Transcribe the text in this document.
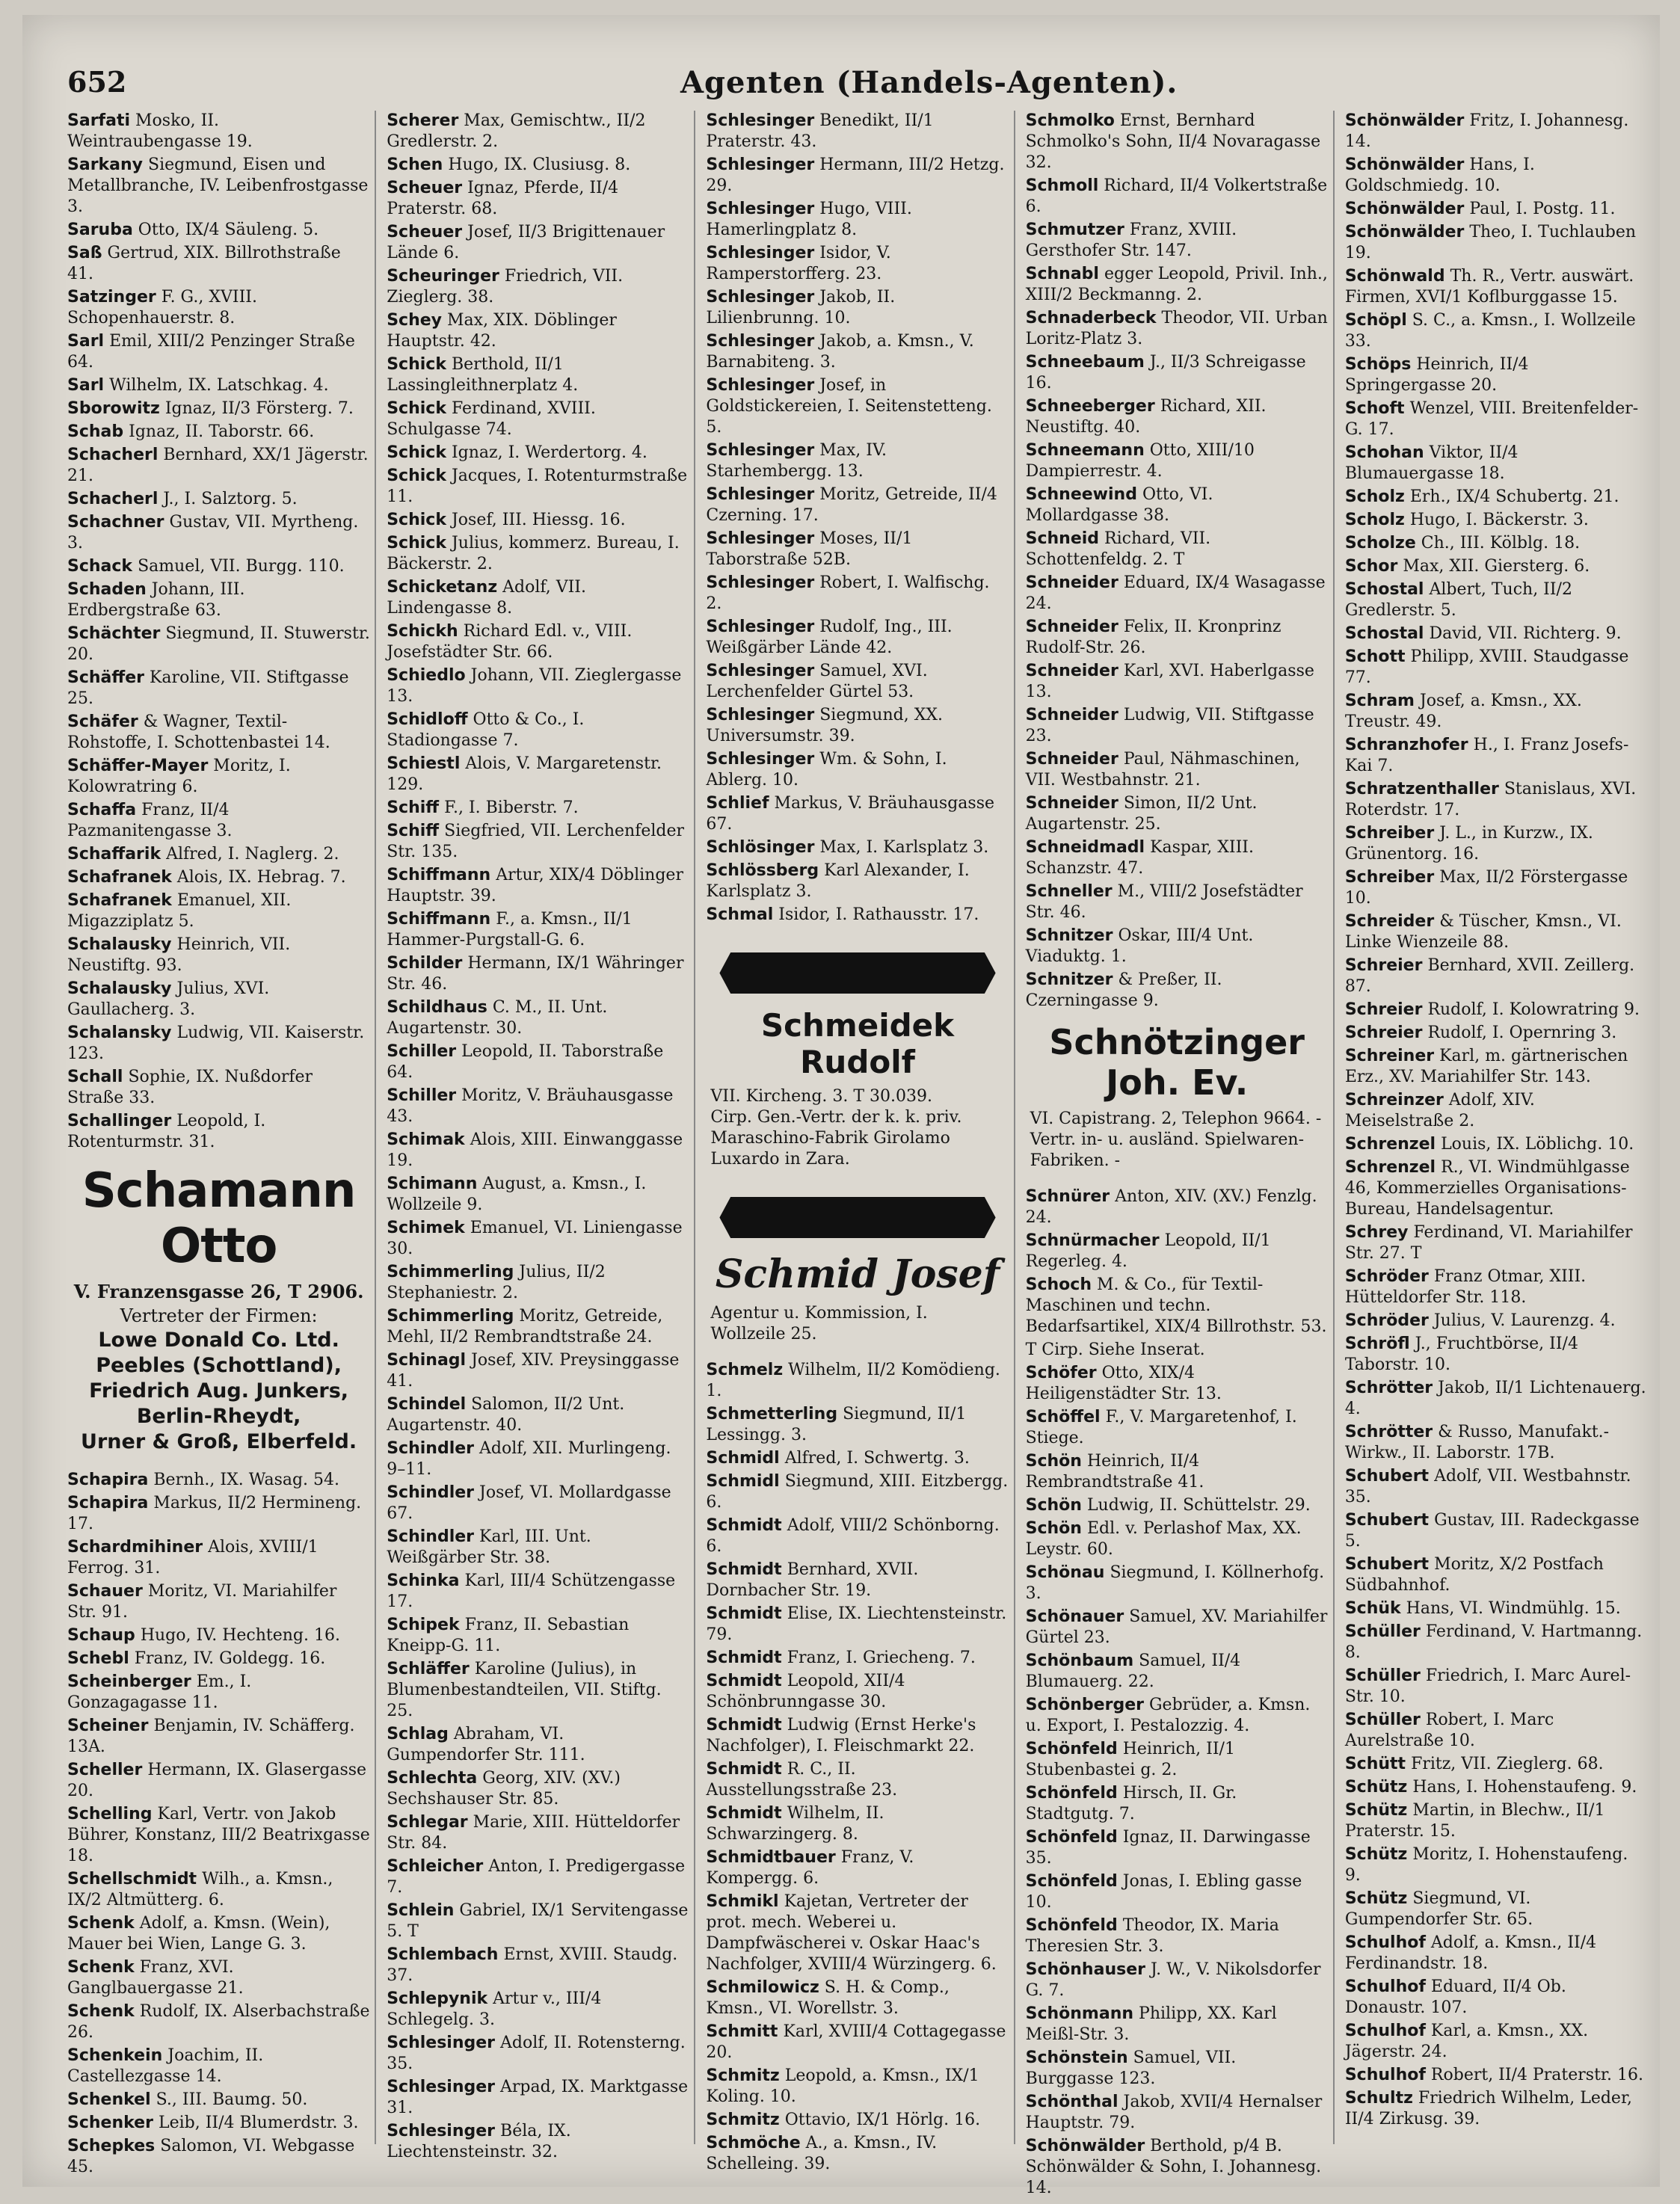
652	Agenten (Handels-Agenten).
Sarfati Mosko, II. Weintraubengasse 19.
Sarkany Siegmund, Eisen und Metallbranche, IV. Leibenfrostgasse 3.
Saruba Otto, IX/4 Säuleng. 5.
Saß Gertrud, XIX. Billrothstraße 41.
Satzinger F. G., XVIII. Schopenhauerstr. 8.
Sarl Emil, XIII/2 Penzinger Straße 64.
Sarl Wilhelm, IX. Latschkag. 4.
Sborowitz Ignaz, II/3 Försterg. 7.
Schab Ignaz, II. Taborstr. 66.
Schacherl Bernhard, XX/1 Jägerstr. 21.
Schacherl J., I. Salztorg. 5.
Schachner Gustav, VII. Myrtheng. 3.
Schack Samuel, VII. Burgg. 110.
Schaden Johann, III. Erdbergstraße 63.
Schächter Siegmund, II. Stuwerstr. 20.
Schäffer Karoline, VII. Stiftgasse 25.
Schäfer & Wagner, Textil-Rohstoffe, I. Schottenbastei 14.
Schäffer-Mayer Moritz, I. Kolowratring 6.
Schaffa Franz, II/4 Pazmanitengasse 3.
Schaffarik Alfred, I. Naglerg. 2.
Schafranek Alois, IX. Hebrag. 7.
Schafranek Emanuel, XII. Migazziplatz 5.
Schalausky Heinrich, VII. Neustiftg. 93.
Schalausky Julius, XVI. Gaullacherg. 3.
Schalansky Ludwig, VII. Kaiserstr. 123.
Schall Sophie, IX. Nußdorfer Straße 33.
Schallinger Leopold, I. Rotenturmstr. 31.
Schamann Otto
V. Franzensgasse 26, T 2906.
Vertreter der Firmen:
Lowe Donald Co. Ltd.
Peebles (Schottland),
Friedrich Aug. Junkers,
Berlin-Rheydt,
Urner & Groß, Elberfeld.
Schapira Bernh., IX. Wasag. 54.
Schapira Markus, II/2 Hermineng. 17.
Schardmihiner Alois, XVIII/1 Ferrog. 31.
Schauer Moritz, VI. Mariahilfer Str. 91.
Schaup Hugo, IV. Hechteng. 16.
Schebl Franz, IV. Goldegg. 16.
Scheinberger Em., I. Gonzagagasse 11.
Scheiner Benjamin, IV. Schäfferg. 13A.
Scheller Hermann, IX. Glasergasse 20.
Schelling Karl, Vertr. von Jakob Bührer, Konstanz, III/2 Beatrixgasse 18.
Schellschmidt Wilh., a. Kmsn., IX/2 Altmütterg. 6.
Schenk Adolf, a. Kmsn. (Wein), Mauer bei Wien, Lange G. 3.
Schenk Franz, XVI. Ganglbauergasse 21.
Schenk Rudolf, IX. Alserbachstraße 26.
Schenkein Joachim, II. Castellezgasse 14.
Schenkel S., III. Baumg. 50.
Schenker Leib, II/4 Blumerdstr. 3.
Schepkes Salomon, VI. Webgasse 45.
Scherer Max, Gemischtw., II/2 Gredlerstr. 2.
Schen Hugo, IX. Clusiusg. 8.
Scheuer Ignaz, Pferde, II/4 Praterstr. 68.
Scheuer Josef, II/3 Brigittenauer Lände 6.
Scheuringer Friedrich, VII. Zieglerg. 38.
Schey Max, XIX. Döblinger Hauptstr. 42.
Schick Berthold, II/1 Lassingleithnerplatz 4.
Schick Ferdinand, XVIII. Schulgasse 74.
Schick Ignaz, I. Werdertorg. 4.
Schick Jacques, I. Rotenturmstraße 11.
Schick Josef, III. Hiessg. 16.
Schick Julius, kommerz. Bureau, I. Bäckerstr. 2.
Schicketanz Adolf, VII. Lindengasse 8.
Schickh Richard Edl. v., VIII. Josefstädter Str. 66.
Schiedlo Johann, VII. Zieglergasse 13.
Schidloff Otto & Co., I. Stadiongasse 7.
Schiestl Alois, V. Margaretenstr. 129.
Schiff F., I. Biberstr. 7.
Schiff Siegfried, VII. Lerchenfelder Str. 135.
Schiffmann Artur, XIX/4 Döblinger Hauptstr. 39.
Schiffmann F., a. Kmsn., II/1 Hammer-Purgstall-G. 6.
Schilder Hermann, IX/1 Währinger Str. 46.
Schildhaus C. M., II. Unt. Augartenstr. 30.
Schiller Leopold, II. Taborstraße 64.
Schiller Moritz, V. Bräuhausgasse 43.
Schimak Alois, XIII. Einwanggasse 19.
Schimann August, a. Kmsn., I. Wollzeile 9.
Schimek Emanuel, VI. Liniengasse 30.
Schimmerling Julius, II/2 Stephaniestr. 2.
Schimmerling Moritz, Getreide, Mehl, II/2 Rembrandtstraße 24.
Schinagl Josef, XIV. Preysinggasse 41.
Schindel Salomon, II/2 Unt. Augartenstr. 40.
Schindler Adolf, XII. Murlingeng. 9–11.
Schindler Josef, VI. Mollardgasse 67.
Schindler Karl, III. Unt. Weißgärber Str. 38.
Schinka Karl, III/4 Schützengasse 17.
Schipek Franz, II. Sebastian Kneipp-G. 11.
Schläffer Karoline (Julius), in Blumenbestandteilen, VII. Stiftg. 25.
Schlag Abraham, VI. Gumpendorfer Str. 111.
Schlechta Georg, XIV. (XV.) Sechshauser Str. 85.
Schlegar Marie, XIII. Hütteldorfer Str. 84.
Schleicher Anton, I. Predigergasse 7.
Schlein Gabriel, IX/1 Servitengasse 5. T
Schlembach Ernst, XVIII. Staudg. 37.
Schlepynik Artur v., III/4 Schlegelg. 3.
Schlesinger Adolf, II. Rotensterng. 35.
Schlesinger Arpad, IX. Marktgasse 31.
Schlesinger Béla, IX. Liechtensteinstr. 32.
Schlesinger Benedikt, II/1 Praterstr. 43.
Schlesinger Hermann, III/2 Hetzg. 29.
Schlesinger Hugo, VIII. Hamerlingplatz 8.
Schlesinger Isidor, V. Ramperstorfferg. 23.
Schlesinger Jakob, II. Lilienbrunng. 10.
Schlesinger Jakob, a. Kmsn., V. Barnabiteng. 3.
Schlesinger Josef, in Goldstickereien, I. Seitenstetteng. 5.
Schlesinger Max, IV. Starhembergg. 13.
Schlesinger Moritz, Getreide, II/4 Czerning. 17.
Schlesinger Moses, II/1 Taborstraße 52B.
Schlesinger Robert, I. Walfischg. 2.
Schlesinger Rudolf, Ing., III. Weißgärber Lände 42.
Schlesinger Samuel, XVI. Lerchenfelder Gürtel 53.
Schlesinger Siegmund, XX. Universumstr. 39.
Schlesinger Wm. & Sohn, I. Ablerg. 10.
Schlief Markus, V. Bräuhausgasse 67.
Schlösinger Max, I. Karlsplatz 3.
Schlössberg Karl Alexander, I. Karlsplatz 3.
Schmal Isidor, I. Rathausstr. 17.
Schmeidek Rudolf
VII. Kircheng. 3. T 30.039.
Cirp. Gen.-Vertr. der k. k. priv. Maraschino-Fabrik Girolamo Luxardo in Zara.
Schmid Josef
Agentur u. Kommission, I. Wollzeile 25.
Schmelz Wilhelm, II/2 Komödieng. 1.
Schmetterling Siegmund, II/1 Lessingg. 3.
Schmidl Alfred, I. Schwertg. 3.
Schmidl Siegmund, XIII. Eitzbergg. 6.
Schmidt Adolf, VIII/2 Schönborng. 6.
Schmidt Bernhard, XVII. Dornbacher Str. 19.
Schmidt Elise, IX. Liechtensteinstr. 79.
Schmidt Franz, I. Griecheng. 7.
Schmidt Leopold, XII/4 Schönbrunngasse 30.
Schmidt Ludwig (Ernst Herke's Nachfolger), I. Fleischmarkt 22.
Schmidt R. C., II. Ausstellungsstraße 23.
Schmidt Wilhelm, II. Schwarzingerg. 8.
Schmidtbauer Franz, V. Kompergg. 6.
Schmikl Kajetan, Vertreter der prot. mech. Weberei u. Dampfwäscherei v. Oskar Haac's Nachfolger, XVIII/4 Würzingerg. 6.
Schmilowicz S. H. & Comp., Kmsn., VI. Worellstr. 3.
Schmitt Karl, XVIII/4 Cottagegasse 20.
Schmitz Leopold, a. Kmsn., IX/1 Koling. 10.
Schmitz Ottavio, IX/1 Hörlg. 16.
Schmöche A., a. Kmsn., IV. Schelleing. 39.
Schmolko Ernst, Bernhard Schmolko's Sohn, II/4 Novaragasse 32.
Schmoll Richard, II/4 Volkertstraße 6.
Schmutzer Franz, XVIII. Gersthofer Str. 147.
Schnabl egger Leopold, Privil. Inh., XIII/2 Beckmanng. 2.
Schnaderbeck Theodor, VII. Urban Loritz-Platz 3.
Schneebaum J., II/3 Schreigasse 16.
Schneeberger Richard, XII. Neustiftg. 40.
Schneemann Otto, XIII/10 Dampierrestr. 4.
Schneewind Otto, VI. Mollardgasse 38.
Schneid Richard, VII. Schottenfeldg. 2. T
Schneider Eduard, IX/4 Wasagasse 24.
Schneider Felix, II. Kronprinz Rudolf-Str. 26.
Schneider Karl, XVI. Haberlgasse 13.
Schneider Ludwig, VII. Stiftgasse 23.
Schneider Paul, Nähmaschinen, VII. Westbahnstr. 21.
Schneider Simon, II/2 Unt. Augartenstr. 25.
Schneidmadl Kaspar, XIII. Schanzstr. 47.
Schneller M., VIII/2 Josefstädter Str. 46.
Schnitzer Oskar, III/4 Unt. Viaduktg. 1.
Schnitzer & Preßer, II. Czerningasse 9.
Schnötzinger Joh. Ev.
VI. Capistrang. 2, Telephon 9664. - Vertr. in- u. ausländ. Spielwaren-Fabriken. -
Schnürer Anton, XIV. (XV.) Fenzlg. 24.
Schnürmacher Leopold, II/1 Regerleg. 4.
Schoch M. & Co., für Textil-Maschinen und techn. Bedarfsartikel, XIX/4 Billrothstr. 53.
T Cirp. Siehe Inserat.
Schöfer Otto, XIX/4 Heiligenstädter Str. 13.
Schöffel F., V. Margaretenhof, I. Stiege.
Schön Heinrich, II/4 Rembrandtstraße 41.
Schön Ludwig, II. Schüttelstr. 29.
Schön Edl. v. Perlashof Max, XX. Leystr. 60.
Schönau Siegmund, I. Köllnerhofg. 3.
Schönauer Samuel, XV. Mariahilfer Gürtel 23.
Schönbaum Samuel, II/4 Blumauerg. 22.
Schönberger Gebrüder, a. Kmsn. u. Export, I. Pestalozzig. 4.
Schönfeld Heinrich, II/1 Stubenbastei g. 2.
Schönfeld Hirsch, II. Gr. Stadtgutg. 7.
Schönfeld Ignaz, II. Darwingasse 35.
Schönfeld Jonas, I. Ebling gasse 10.
Schönfeld Theodor, IX. Maria Theresien Str. 3.
Schönhauser J. W., V. Nikolsdorfer G. 7.
Schönmann Philipp, XX. Karl Meißl-Str. 3.
Schönstein Samuel, VII. Burggasse 123.
Schönthal Jakob, XVII/4 Hernalser Hauptstr. 79.
Schönwälder Berthold, p/4 B. Schönwälder & Sohn, I. Johannesg. 14.
Schönwälder Fritz, I. Johannesg. 14.
Schönwälder Hans, I. Goldschmiedg. 10.
Schönwälder Paul, I. Postg. 11.
Schönwälder Theo, I. Tuchlauben 19.
Schönwald Th. R., Vertr. auswärt. Firmen, XVI/1 Koflburggasse 15.
Schöpl S. C., a. Kmsn., I. Wollzeile 33.
Schöps Heinrich, II/4 Springergasse 20.
Schoft Wenzel, VIII. Breitenfelder-G. 17.
Schohan Viktor, II/4 Blumauergasse 18.
Scholz Erh., IX/4 Schubertg. 21.
Scholz Hugo, I. Bäckerstr. 3.
Scholze Ch., III. Kölblg. 18.
Schor Max, XII. Giersterg. 6.
Schostal Albert, Tuch, II/2 Gredlerstr. 5.
Schostal David, VII. Richterg. 9.
Schott Philipp, XVIII. Staudgasse 77.
Schram Josef, a. Kmsn., XX. Treustr. 49.
Schranzhofer H., I. Franz Josefs-Kai 7.
Schratzenthaller Stanislaus, XVI. Roterdstr. 17.
Schreiber J. L., in Kurzw., IX. Grünentorg. 16.
Schreiber Max, II/2 Förstergasse 10.
Schreider & Tüscher, Kmsn., VI. Linke Wienzeile 88.
Schreier Bernhard, XVII. Zeillerg. 87.
Schreier Rudolf, I. Kolowratring 9.
Schreier Rudolf, I. Opernring 3.
Schreiner Karl, m. gärtnerischen Erz., XV. Mariahilfer Str. 143.
Schreinzer Adolf, XIV. Meiselstraße 2.
Schrenzel Louis, IX. Löblichg. 10.
Schrenzel R., VI. Windmühlgasse 46, Kommerzielles Organisations-Bureau, Handelsagentur.
Schrey Ferdinand, VI. Mariahilfer Str. 27. T
Schröder Franz Otmar, XIII. Hütteldorfer Str. 118.
Schröder Julius, V. Laurenzg. 4.
Schröfl J., Fruchtbörse, II/4 Taborstr. 10.
Schrötter Jakob, II/1 Lichtenauerg. 4.
Schrötter & Russo, Manufakt.-Wirkw., II. Laborstr. 17B.
Schubert Adolf, VII. Westbahnstr. 35.
Schubert Gustav, III. Radeckgasse 5.
Schubert Moritz, X/2 Postfach Südbahnhof.
Schük Hans, VI. Windmühlg. 15.
Schüller Ferdinand, V. Hartmanng. 8.
Schüller Friedrich, I. Marc Aurel-Str. 10.
Schüller Robert, I. Marc Aurelstraße 10.
Schütt Fritz, VII. Zieglerg. 68.
Schütz Hans, I. Hohenstaufeng. 9.
Schütz Martin, in Blechw., II/1 Praterstr. 15.
Schütz Moritz, I. Hohenstaufeng. 9.
Schütz Siegmund, VI. Gumpendorfer Str. 65.
Schulhof Adolf, a. Kmsn., II/4 Ferdinandstr. 18.
Schulhof Eduard, II/4 Ob. Donaustr. 107.
Schulhof Karl, a. Kmsn., XX. Jägerstr. 24.
Schulhof Robert, II/4 Praterstr. 16.
Schultz Friedrich Wilhelm, Leder, II/4 Zirkusg. 39.
